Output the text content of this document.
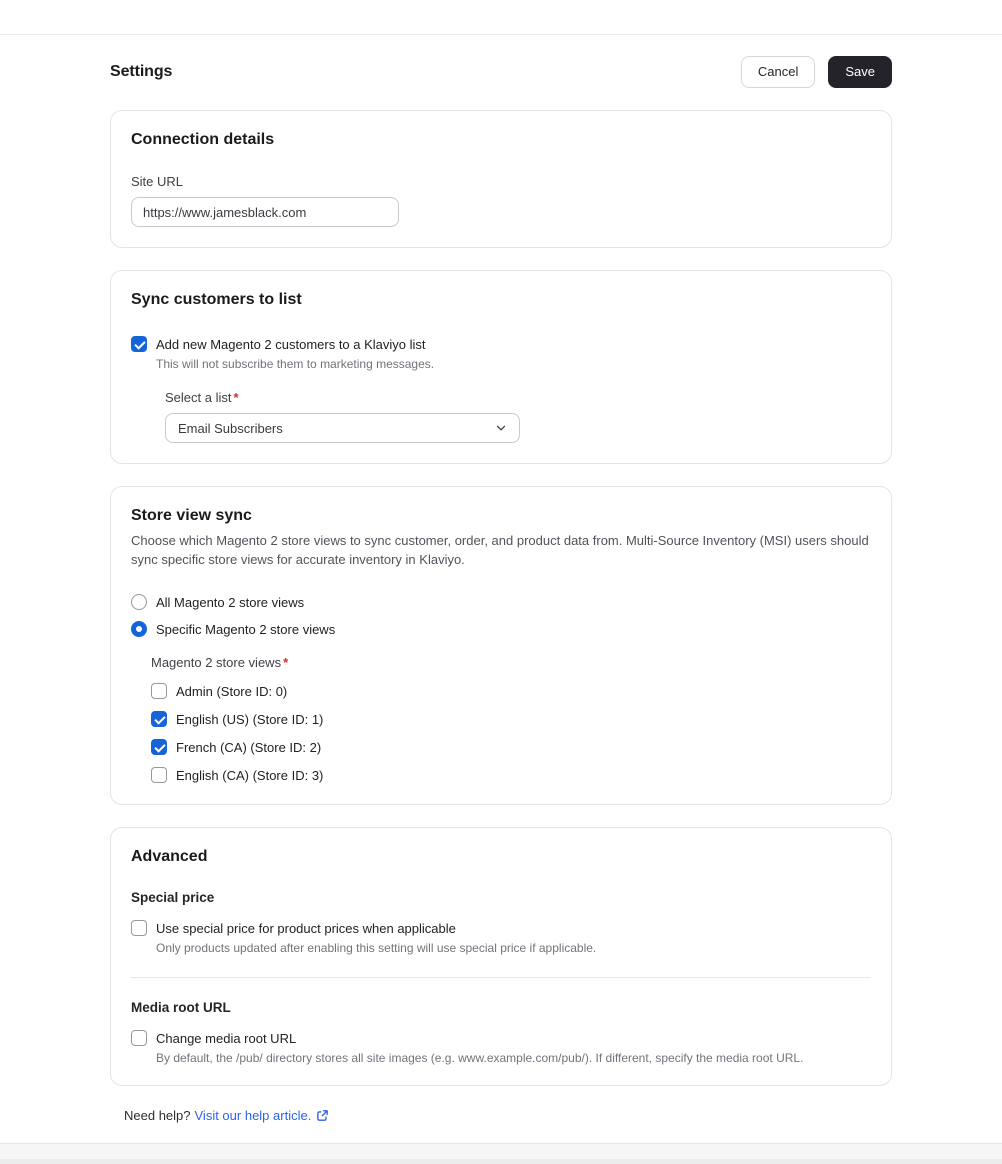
Settings	Cancel	Save
Connection details
Site URL
https://www.jamesblack.com
Sync customers to list
Add new Magento 2 customers to a Klaviyo list
This will not subscribe them to marketing messages.
Select a list *
Email Subscribers
Store view sync
Choose which Magento 2 store views to sync customer, order, and product data from. Multi-Source Inventory (MSI) users should sync specific store views for accurate inventory in Klaviyo.
All Magento 2 store views
Specific Magento 2 store views
Magento 2 store views *
Admin (Store ID: 0)
English (US) (Store ID: 1)
French (CA) (Store ID: 2)
English (CA) (Store ID: 3)
Advanced
Special price
Use special price for product prices when applicable
Only products updated after enabling this setting will use special price if applicable.
Media root URL
Change media root URL
By default, the /pub/ directory stores all site images (e.g. www.example.com/pub/). If different, specify the media root URL.

Need help? Visit our help article.
